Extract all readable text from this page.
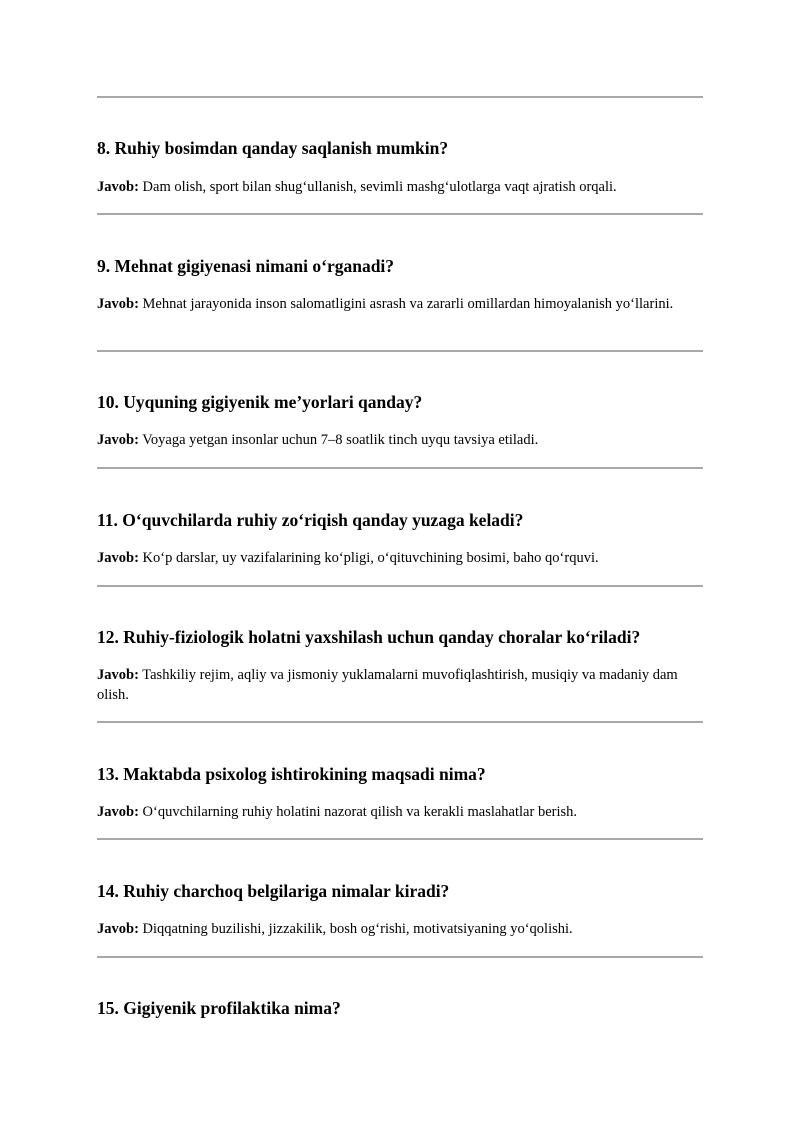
8. Ruhiy bosimdan qanday saqlanish mumkin?

Javob: Dam olish, sport bilan shug‘ullanish, sevimli mashg‘ulotlarga vaqt ajratish orqali.

9. Mehnat gigiyenasi nimani o‘rganadi?

Javob: Mehnat jarayonida inson salomatligini asrash va zararli omillardan himoyalanish yo‘llarini.

10. Uyquning gigiyenik me’yorlari qanday?

Javob: Voyaga yetgan insonlar uchun 7–8 soatlik tinch uyqu tavsiya etiladi.

11. O‘quvchilarda ruhiy zo‘riqish qanday yuzaga keladi?

Javob: Ko‘p darslar, uy vazifalarining ko‘pligi, o‘qituvchining bosimi, baho qo‘rquvi.

12. Ruhiy-fiziologik holatni yaxshilash uchun qanday choralar ko‘riladi?

Javob: Tashkiliy rejim, aqliy va jismoniy yuklamalarni muvofiqlashtirish, musiqiy va madaniy dam olish.

13. Maktabda psixolog ishtirokining maqsadi nima?

Javob: O‘quvchilarning ruhiy holatini nazorat qilish va kerakli maslahatlar berish.

14. Ruhiy charchoq belgilariga nimalar kiradi?

Javob: Diqqatning buzilishi, jizzakilik, bosh og‘rishi, motivatsiyaning yo‘qolishi.

15. Gigiyenik profilaktika nima?
